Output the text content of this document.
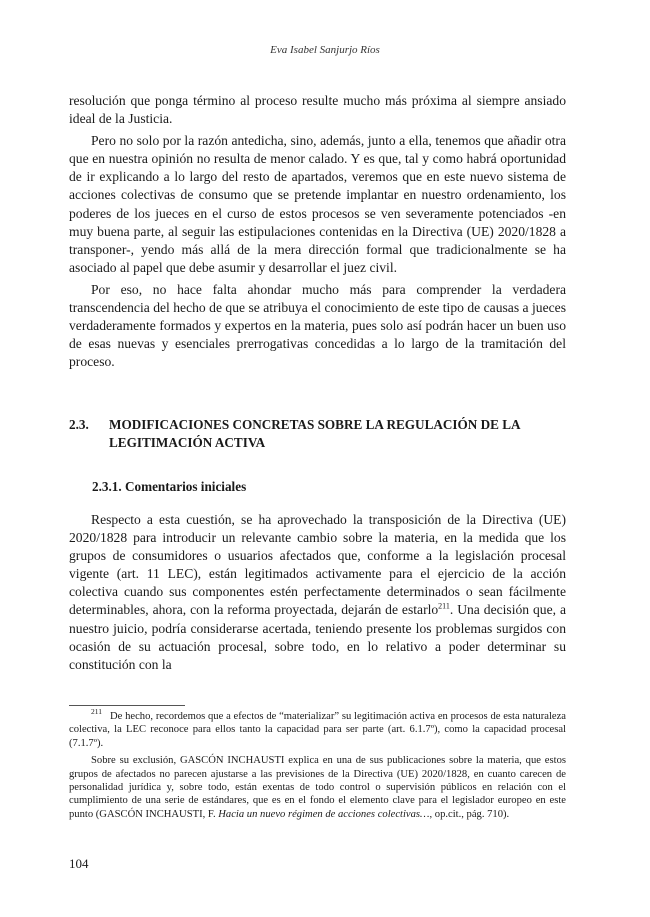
Eva Isabel Sanjurjo Ríos

resolución que ponga término al proceso resulte mucho más próxima al siempre ansiado ideal de la Justicia.

Pero no solo por la razón antedicha, sino, además, junto a ella, tenemos que añadir otra que en nuestra opinión no resulta de menor calado. Y es que, tal y como habrá oportunidad de ir explicando a lo largo del resto de apartados, veremos que en este nuevo sistema de acciones colectivas de consumo que se pretende implantar en nuestro ordenamiento, los poderes de los jueces en el curso de estos procesos se ven severamente potenciados -en muy buena parte, al seguir las estipulaciones contenidas en la Directiva (UE) 2020/1828 a transponer-, yendo más allá de la mera dirección formal que tradicionalmente se ha asociado al papel que debe asumir y desarrollar el juez civil.

Por eso, no hace falta ahondar mucho más para comprender la verdadera transcendencia del hecho de que se atribuya el conocimiento de este tipo de causas a jueces verdaderamente formados y expertos en la materia, pues solo así podrán hacer un buen uso de esas nuevas y esenciales prerrogativas concedidas a lo largo de la tramitación del proceso.

2.3.	MODIFICACIONES CONCRETAS SOBRE LA REGULACIÓN DE LA LEGITIMACIÓN ACTIVA
2.3.1. Comentarios iniciales

Respecto a esta cuestión, se ha aprovechado la transposición de la Directiva (UE) 2020/1828 para introducir un relevante cambio sobre la materia, en la medida que los grupos de consumidores o usuarios afectados que, conforme a la legislación procesal vigente (art. 11 LEC), están legitimados activamente para el ejercicio de la acción colectiva cuando sus componentes estén perfectamente determinados o sean fácilmente determinables, ahora, con la reforma proyectada, dejarán de estarlo$^{211}$. Una decisión que, a nuestro juicio, podría considerarse acertada, teniendo presente los problemas surgidos con ocasión de su actuación procesal, sobre todo, en lo relativo a poder determinar su constitución con la

$^{211}$ De hecho, recordemos que a efectos de “materializar” su legitimación activa en procesos de esta naturaleza colectiva, la LEC reconoce para ellos tanto la capacidad para ser parte (art. 6.1.7º), como la capacidad procesal (7.1.7º).

Sobre su exclusión, GASCÓN INCHAUSTI explica en una de sus publicaciones sobre la materia, que estos grupos de afectados no parecen ajustarse a las previsiones de la Directiva (UE) 2020/1828, en cuanto carecen de personalidad jurídica y, sobre todo, están exentas de todo control o supervisión públicos en relación con el cumplimiento de una serie de estándares, que es en el fondo el elemento clave para el legislador europeo en este punto (GASCÓN INCHAUSTI, F. Hacia un nuevo régimen de acciones colectivas…, op.cit., pág. 710).

104
